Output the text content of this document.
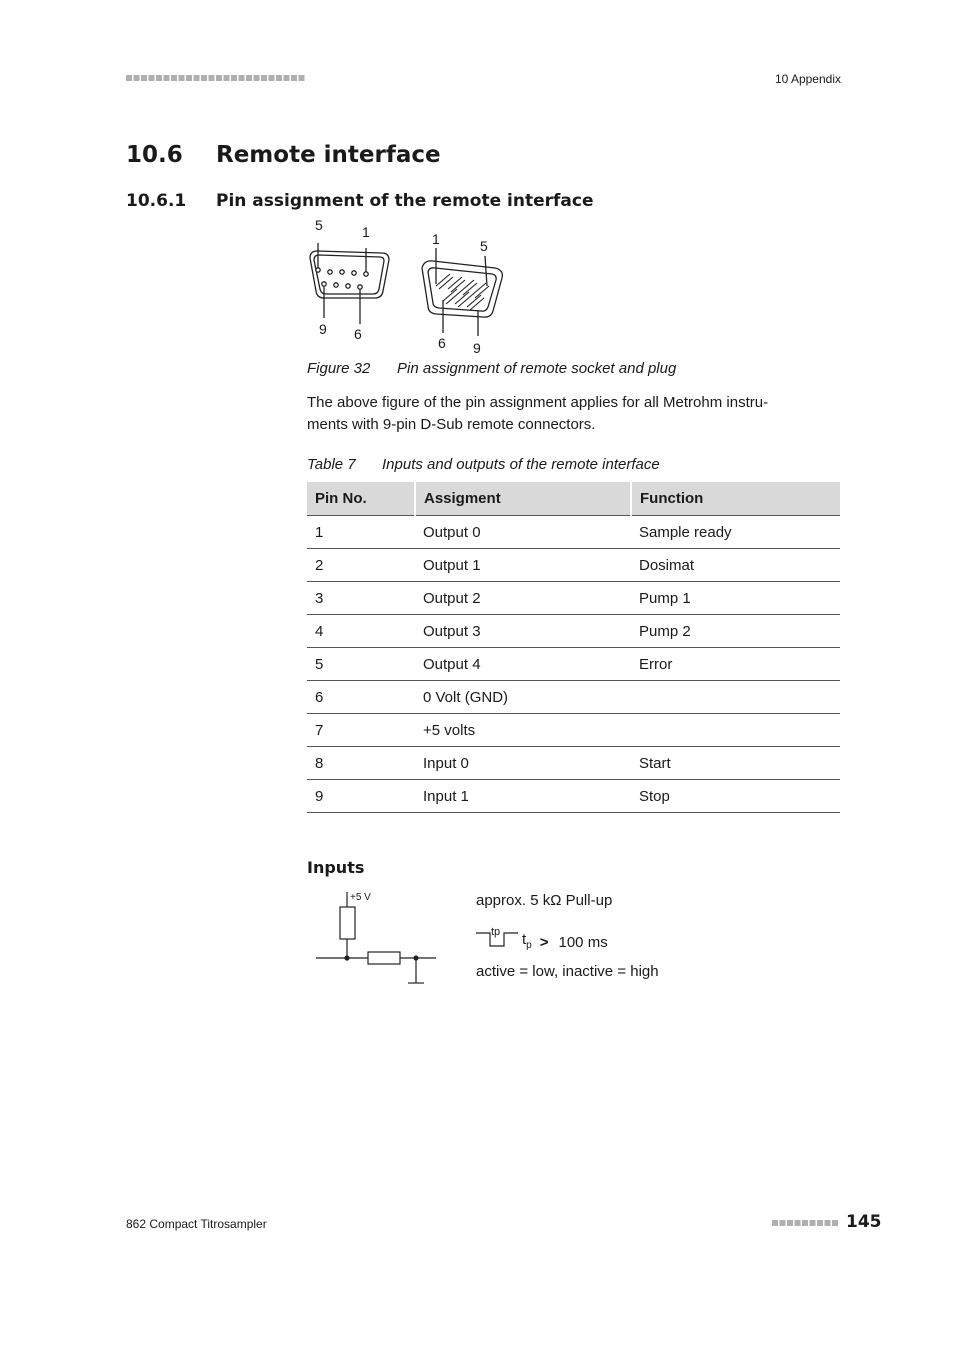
10 Appendix
10.6 Remote interface
10.6.1 Pin assignment of the remote interface
5	1
9 6
1	5
6 9
Figure 32 Pin assignment of remote socket and plug

The above figure of the pin assignment applies for all Metrohm instru-
ments with 9-pin D-Sub remote connectors.

Table 7 Inputs and outputs of the remote interface
Pin No.	Assigment	Function
1	Output 0	Sample ready
2	Output 1	Dosimat
3	Output 2	Pump 1
4	Output 3	Pump 2
5	Output 4	Error
6	0 Volt (GND)	
7	+5 volts	
8	Input 0	Start
9	Input 1	Stop
Inputs
+5 V	approx. 5 kΩ Pull-up
tp $t_p > 100$ ms
active = low, inactive = high
862 Compact Titrosampler	145
